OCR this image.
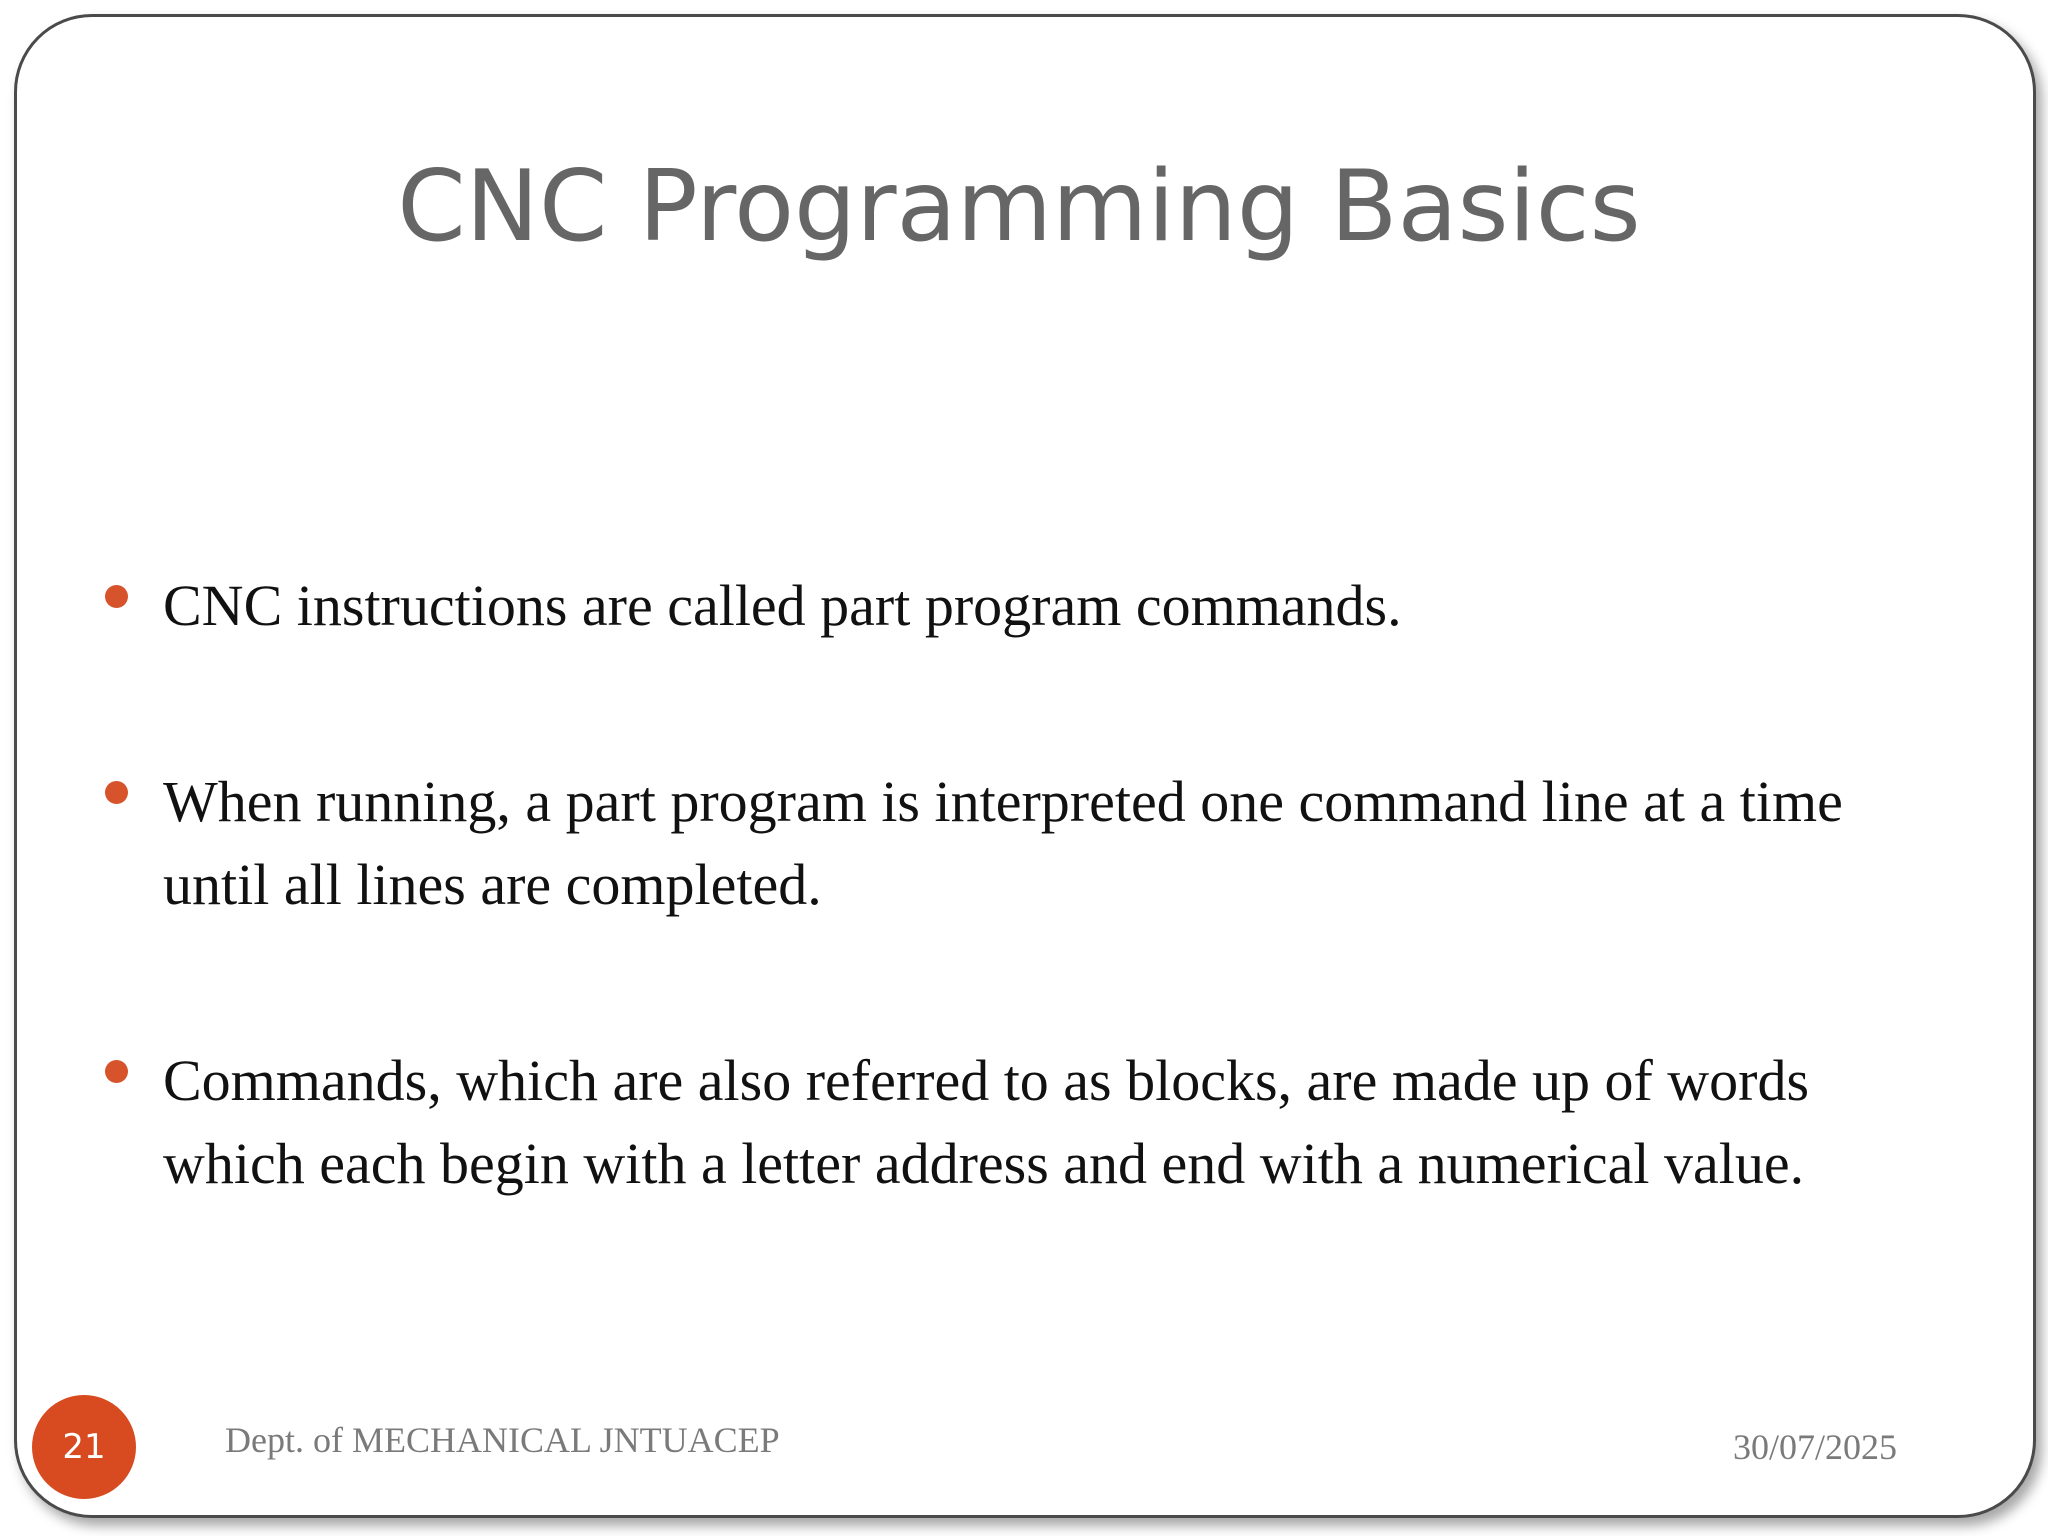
CNC Programming Basics
CNC instructions are called part program commands.
When running, a part program is interpreted one command line at a time until all lines are completed.
Commands, which are also referred to as blocks, are made up of words which each begin with a letter address and end with a numerical value.
21	Dept. of MECHANICAL JNTUACEP	30/07/2025
